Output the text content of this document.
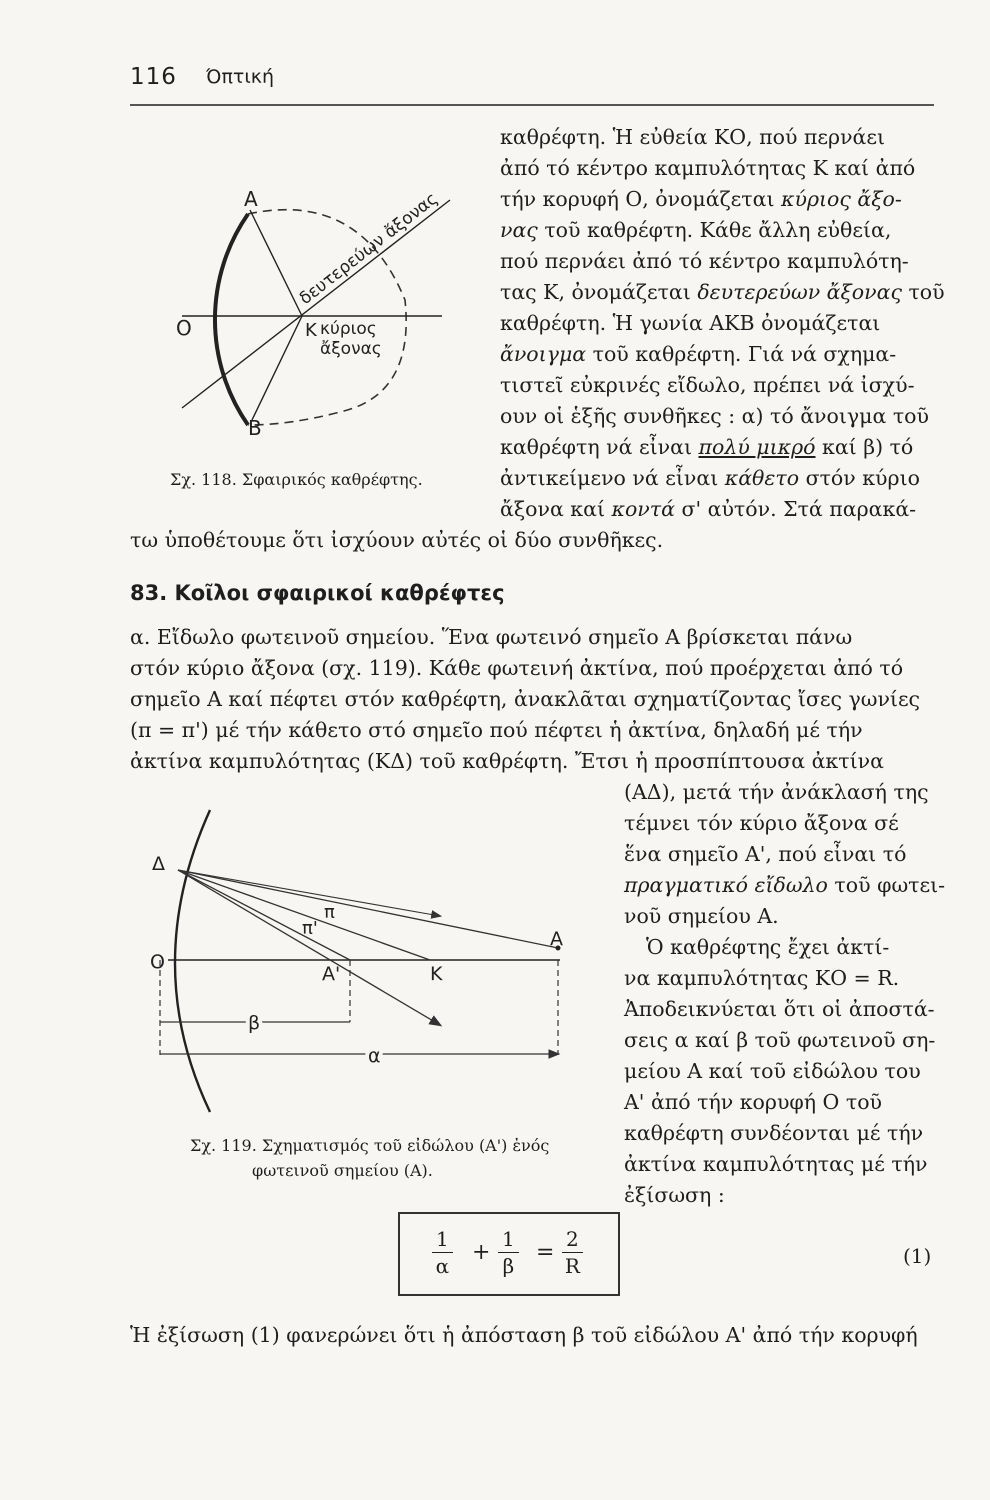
116 Όπτική
Α
Β
Ο	Κ κύριος
ἄξονας
δευτερεύων ἄξονας
Σχ. 118. Σφαιρικός καθρέφτης.
καθρέφτη. Ἡ εὐθεία ΚΟ, πού περνάει
ἀπό τό κέντρο καμπυλότητας Κ καί ἀπό
τήν κορυφή Ο, ὀνομάζεται κύριος ἄξο-
νας τοῦ καθρέφτη. Κάθε ἄλλη εὐθεία,
πού περνάει ἀπό τό κέντρο καμπυλότη-
τας Κ, ὀνομάζεται δευτερεύων ἄξονας τοῦ
καθρέφτη. Ἡ γωνία ΑΚΒ ὀνομάζεται
ἄνοιγμα τοῦ καθρέφτη. Γιά νά σχημα-
τιστεῖ εὐκρινές εἴδωλο, πρέπει νά ἰσχύ-
ουν οἱ ἑξῆς συνθῆκες : α) τό ἄνοιγμα τοῦ
καθρέφτη νά εἶναι πολύ μικρό καί β) τό
ἀντικείμενο νά εἶναι κάθετο στόν κύριο
ἄξονα καί κοντά σ' αὐτόν. Στά παρακά-
τω ὑποθέτουμε ὅτι ἰσχύουν αὐτές οἱ δύο συνθῆκες.
83. Κοῖλοι σφαιρικοί καθρέφτες
α. Εἴδωλο φωτεινοῦ σημείου. Ἕνα φωτεινό σημεῖο Α βρίσκεται πάνω
στόν κύριο ἄξονα (σχ. 119). Κάθε φωτεινή ἀκτίνα, πού προέρχεται ἀπό τό
σημεῖο Α καί πέφτει στόν καθρέφτη, ἀνακλᾶται σχηματίζοντας ἴσες γωνίες
(π = π') μέ τήν κάθετο στό σημεῖο πού πέφτει ἡ ἀκτίνα, δηλαδή μέ τήν
ἀκτίνα καμπυλότητας (ΚΔ) τοῦ καθρέφτη. Ἔτσι ἡ προσπίπτουσα ἀκτίνα
(ΑΔ), μετά τήν ἀνάκλασή της
τέμνει τόν κύριο ἄξονα σέ
ἕνα σημεῖο Α', πού εἶναι τό
πραγματικό εἴδωλο τοῦ φωτει-
νοῦ σημείου Α.
Ὁ καθρέφτης ἔχει ἀκτί-
να καμπυλότητας ΚΟ = R.
Ἀποδεικνύεται ὅτι οἱ ἀποστά-
σεις α καί β τοῦ φωτεινοῦ ση-
μείου Α καί τοῦ εἰδώλου του
Α' ἀπό τήν κορυφή Ο τοῦ
καθρέφτη συνδέονται μέ τήν
ἀκτίνα καμπυλότητας μέ τήν
ἐξίσωση :
Δ
Ο
Α
Α'	Κ
π
π'
β
α
Σχ. 119. Σχηματισμός τοῦ εἰδώλου (Α') ἑνός
φωτεινοῦ σημείου (Α).
$\frac{1}{\alpha} + \frac{1}{\beta} = \frac{2}{R}$	(1)
Ἡ ἐξίσωση (1) φανερώνει ὅτι ἡ ἀπόσταση β τοῦ εἰδώλου Α' ἀπό τήν κορυφή
